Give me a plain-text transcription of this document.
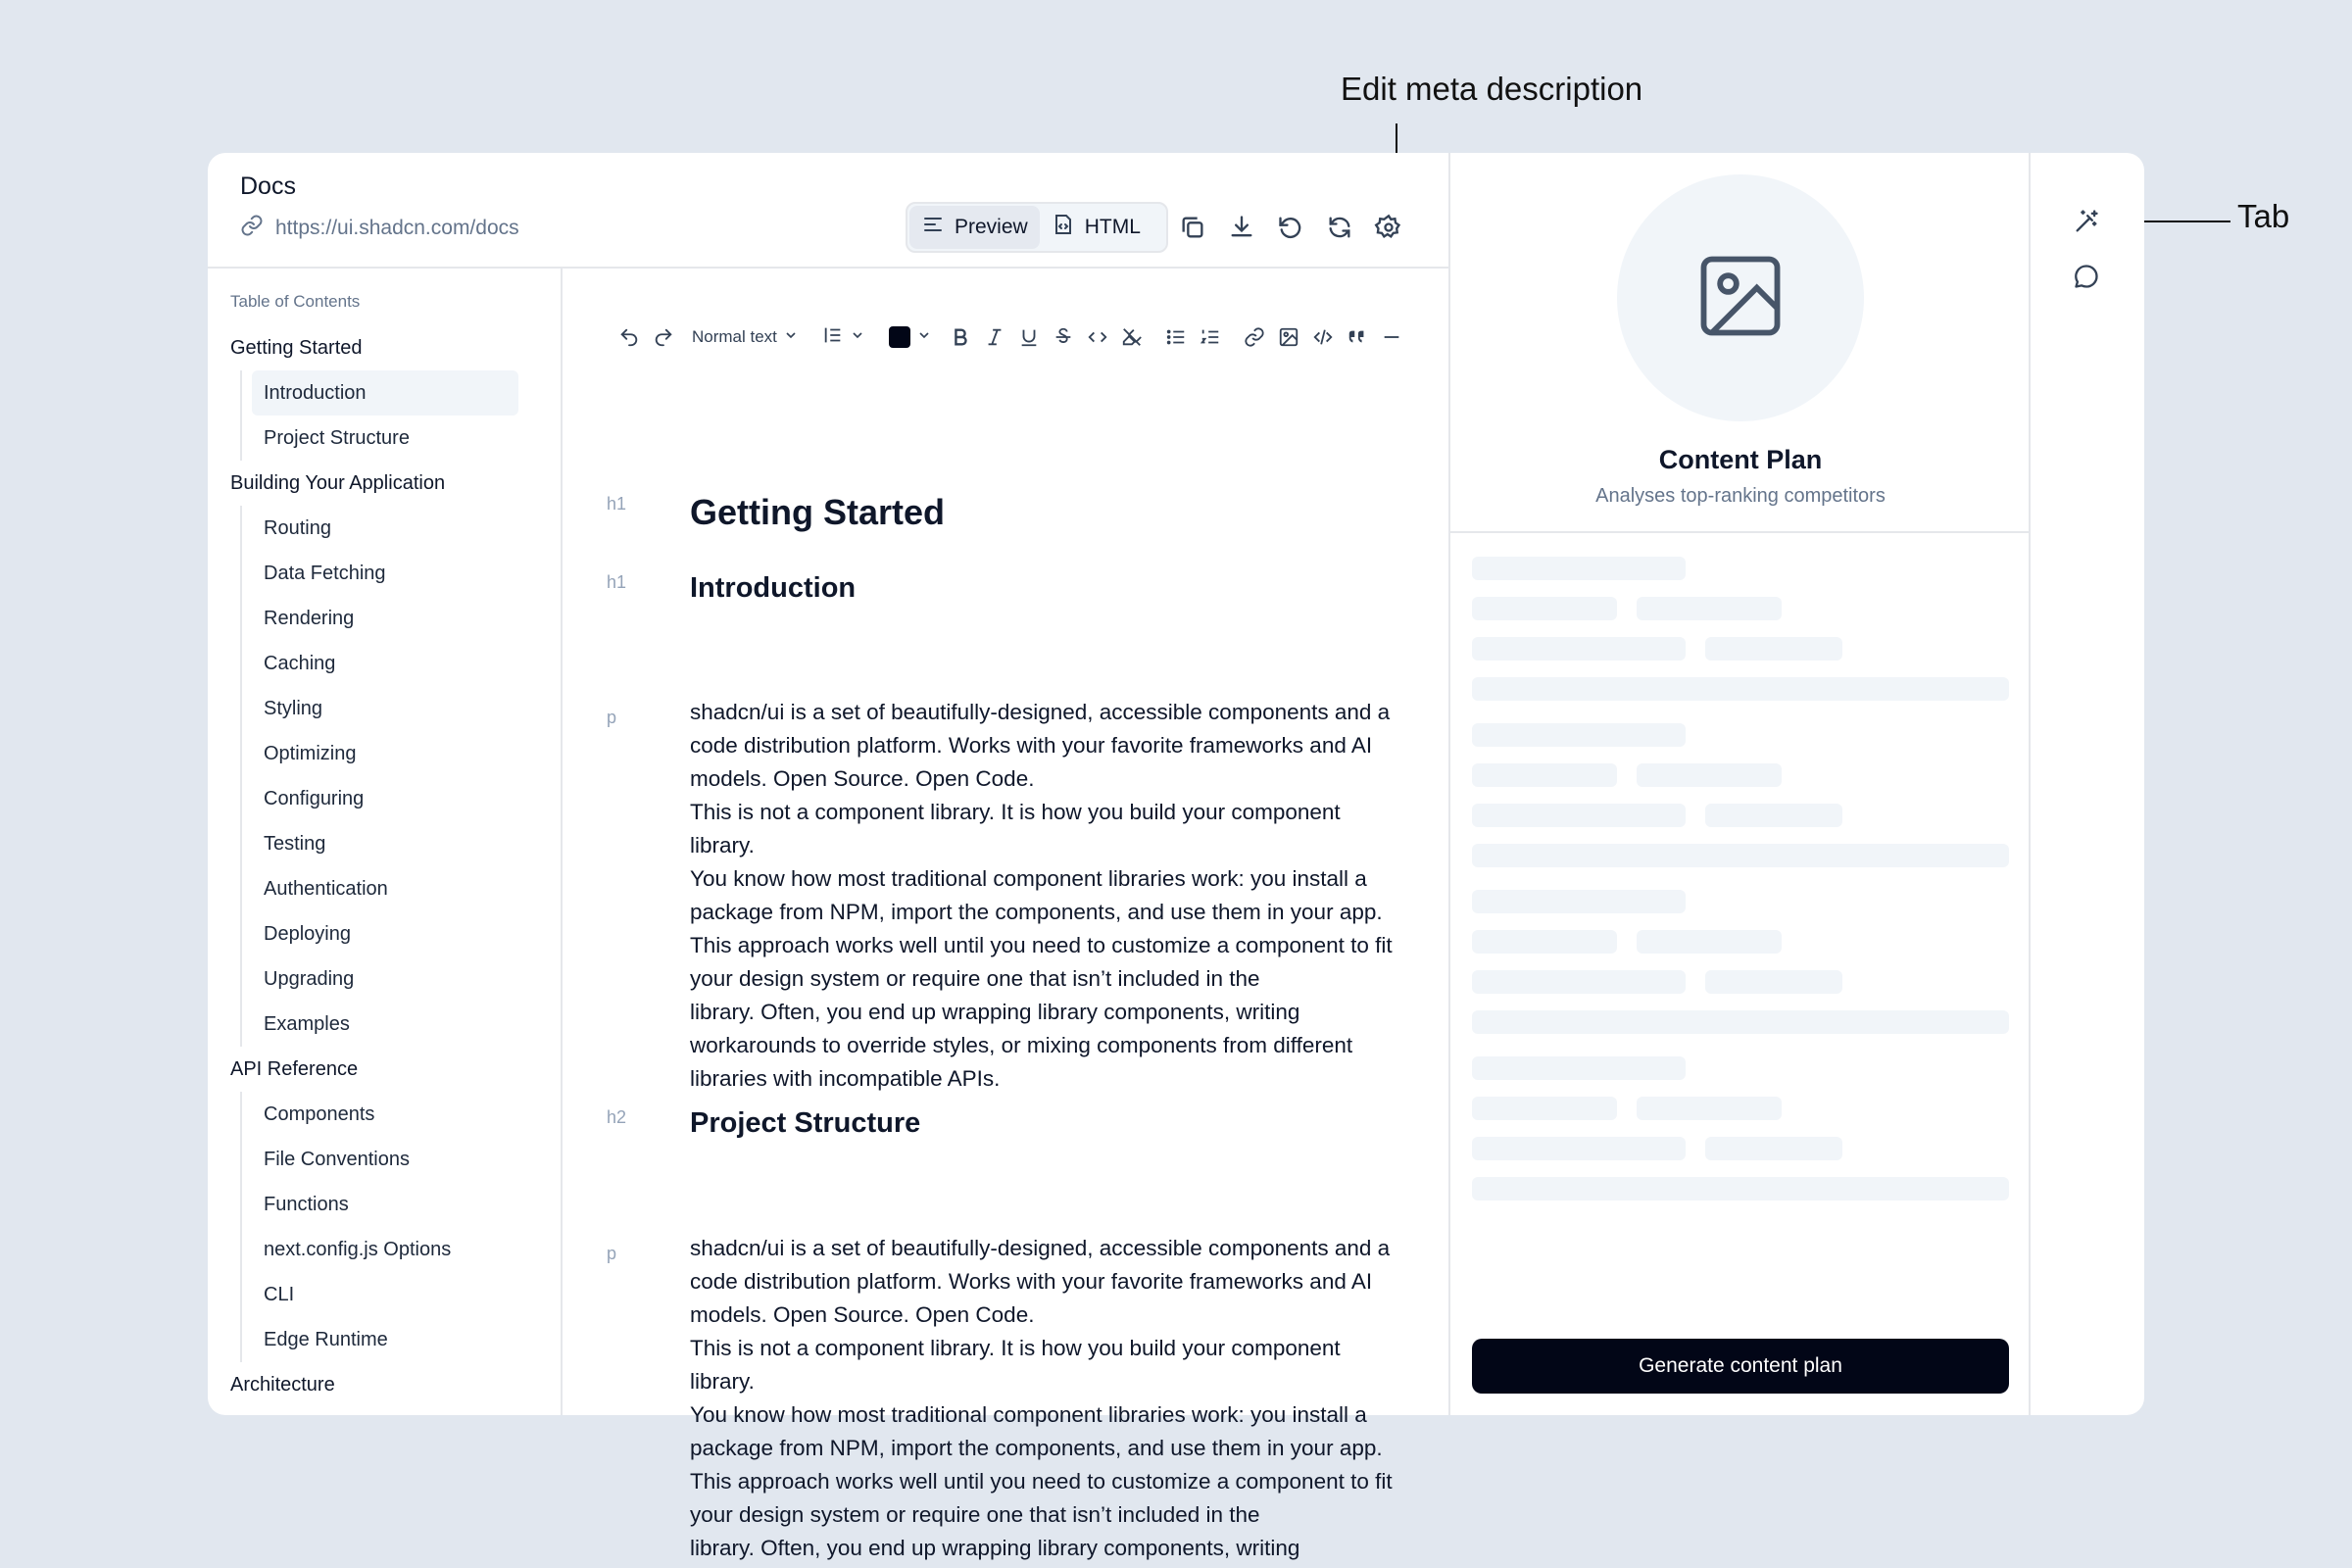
Edit meta description
Tab
Docs
https://ui.shadcn.com/docs	Preview	HTML
Table of Contents
Getting Started
Introduction
Project Structure
Building Your Application
Routing
Data Fetching
Rendering
Caching
Styling
Optimizing
Configuring
Testing
Authentication
Deploying
Upgrading
Examples
API Reference
Components
File Conventions
Functions
next.config.js Options
CLI
Edge Runtime
Architecture
Normal text
h1	Getting Started
h1	Introduction
p	shadcn/ui is a set of beautifully-designed, accessible components and a
code distribution platform. Works with your favorite frameworks and AI
models. Open Source. Open Code.
This is not a component library. It is how you build your component
library.
You know how most traditional component libraries work: you install a
package from NPM, import the components, and use them in your app.
This approach works well until you need to customize a component to fit
your design system or require one that isn’t included in the
library. Often, you end up wrapping library components, writing
workarounds to override styles, or mixing components from different
libraries with incompatible APIs.
h2	Project Structure
p	shadcn/ui is a set of beautifully-designed, accessible components and a
code distribution platform. Works with your favorite frameworks and AI
models. Open Source. Open Code.
This is not a component library. It is how you build your component
library.
You know how most traditional component libraries work: you install a
package from NPM, import the components, and use them in your app.
This approach works well until you need to customize a component to fit
your design system or require one that isn’t included in the
library. Often, you end up wrapping library components, writing
Content Plan
Analyses top-ranking competitors
Generate content plan
